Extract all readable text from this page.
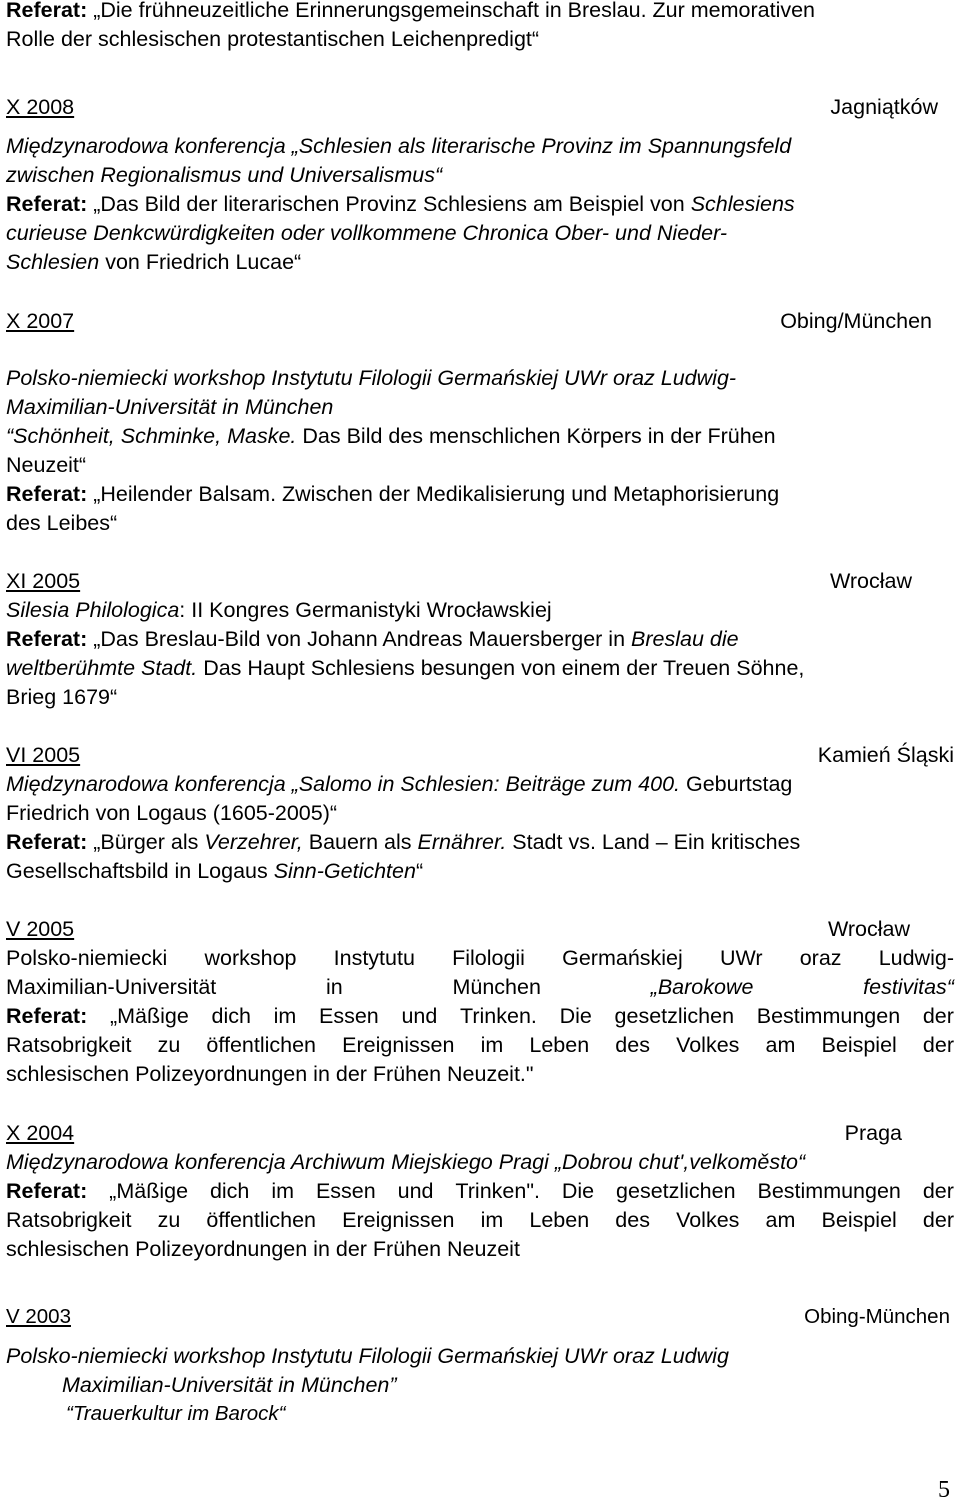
Referat: „Die frühneuzeitliche Erinnerungsgemeinschaft in Breslau. Zur memorativen
Rolle der schlesischen protestantischen Leichenpredigt“
X 2008	Jagniątków
Międzynarodowa konferencja „Schlesien als literarische Provinz im Spannungsfeld
zwischen Regionalismus und Universalismus“
Referat: „Das Bild der literarischen Provinz Schlesiens am Beispiel von Schlesiens
curieuse Denkcwürdigkeiten oder vollkommene Chronica Ober- und Nieder-
Schlesien von Friedrich Lucae“
X 2007	Obing/München
Polsko-niemiecki workshop Instytutu Filologii Germańskiej UWr oraz Ludwig-
Maximilian-Universität in München
“Schönheit, Schminke, Maske. Das Bild des menschlichen Körpers in der Frühen
Neuzeit“
Referat: „Heilender Balsam. Zwischen der Medikalisierung und Metaphorisierung
des Leibes“
XI 2005	Wrocław
Silesia Philologica: II Kongres Germanistyki Wrocławskiej
Referat: „Das Breslau-Bild von Johann Andreas Mauersberger in Breslau die
weltberühmte Stadt. Das Haupt Schlesiens besungen von einem der Treuen Söhne,
Brieg 1679“
VI 2005	Kamień Śląski
Międzynarodowa konferencja „Salomo in Schlesien: Beiträge zum 400. Geburtstag
Friedrich von Logaus (1605-2005)“
Referat: „Bürger als Verzehrer, Bauern als Ernährer. Stadt vs. Land – Ein kritisches
Gesellschaftsbild in Logaus Sinn-Getichten“
V 2005	Wrocław
Polsko-niemiecki workshop Instytutu Filologii Germańskiej UWr oraz Ludwig-
Maximilian-Universität	in	München	„Barokowe	festivitas“
Referat: „Mäßige dich im Essen und Trinken. Die gesetzlichen Bestimmungen der
Ratsobrigkeit zu öffentlichen Ereignissen im Leben des Volkes am Beispiel der
schlesischen Polizeyordnungen in der Frühen Neuzeit."
X 2004	Praga
Międzynarodowa konferencja Archiwum Miejskiego Pragi „Dobrou chut',velkoměsto“
Referat: „Mäßige dich im Essen und Trinken". Die gesetzlichen Bestimmungen der
Ratsobrigkeit zu öffentlichen Ereignissen im Leben des Volkes am Beispiel der
schlesischen Polizeyordnungen in der Frühen Neuzeit
V 2003	Obing-München
Polsko-niemiecki workshop Instytutu Filologii Germańskiej UWr oraz Ludwig
Maximilian-Universität in München”
“Trauerkultur im Barock“
5
